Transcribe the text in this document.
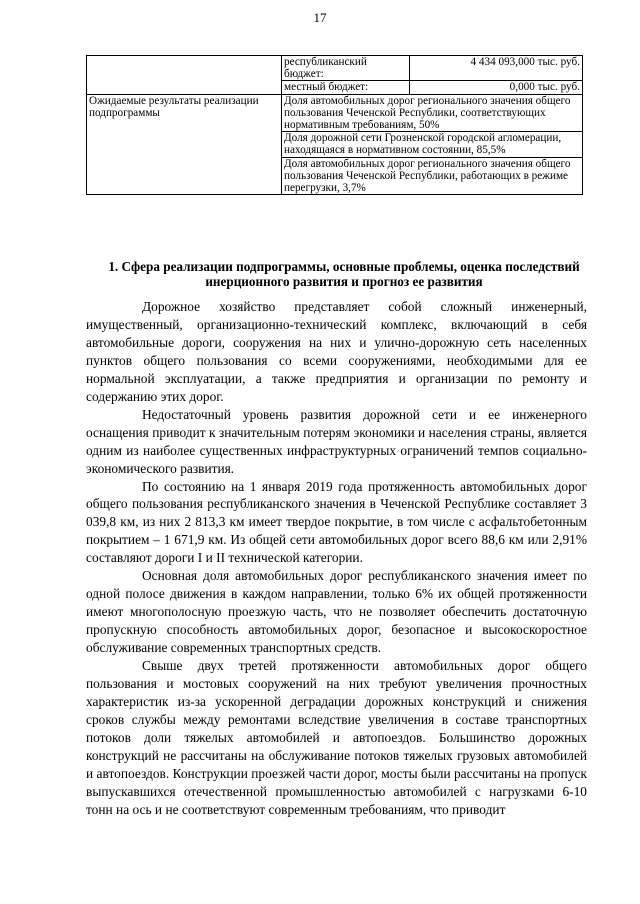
17
	республиканский бюджет:	4 434 093,000 тыс. руб.
	местный бюджет:	0,000 тыс. руб.
Ожидаемые результаты реализации подпрограммы	Доля автомобильных дорог регионального значения общего пользования Чеченской Республики, соответствующих нормативным требованиям, 50%	
	Доля дорожной сети Грозненской городской агломерации, находящаяся в нормативном состоянии, 85,5%	
	Доля автомобильных дорог регионального значения общего пользования Чеченской Республики, работающих в режиме перегрузки, 3,7%	
1. Сфера реализации подпрограммы, основные проблемы, оценка последствий инерционного развития и прогноз ее развития

Дорожное хозяйство представляет собой сложный инженерный, имущественный, организационно-технический комплекс, включающий в себя автомобильные дороги, сооружения на них и улично-дорожную сеть населенных пунктов общего пользования со всеми сооружениями, необходимыми для ее нормальной эксплуатации, а также предприятия и организации по ремонту и содержанию этих дорог.

Недостаточный уровень развития дорожной сети и ее инженерного оснащения приводит к значительным потерям экономики и населения страны, является одним из наиболее существенных инфраструктурных ограничений темпов социально-экономического развития.

По состоянию на 1 января 2019 года протяженность автомобильных дорог общего пользования республиканского значения в Чеченской Республике составляет 3 039,8 км, из них 2 813,3 км имеет твердое покрытие, в том числе с асфальтобетонным покрытием – 1 671,9 км. Из общей сети автомобильных дорог всего 88,6 км или 2,91% составляют дороги I и II технической категории.

Основная доля автомобильных дорог республиканского значения имеет по одной полосе движения в каждом направлении, только 6% их общей протяженности имеют многополосную проезжую часть, что не позволяет обеспечить достаточную пропускную способность автомобильных дорог, безопасное и высокоскоростное обслуживание современных транспортных средств.

Свыше двух третей протяженности автомобильных дорог общего пользования и мостовых сооружений на них требуют увеличения прочностных характеристик из-за ускоренной деградации дорожных конструкций и снижения сроков службы между ремонтами вследствие увеличения в составе транспортных потоков доли тяжелых автомобилей и автопоездов. Большинство дорожных конструкций не рассчитаны на обслуживание потоков тяжелых грузовых автомобилей и автопоездов. Конструкции проезжей части дорог, мосты были рассчитаны на пропуск выпускавшихся отечественной промышленностью автомобилей с нагрузками 6-10 тонн на ось и не соответствуют современным требованиям, что приводит
